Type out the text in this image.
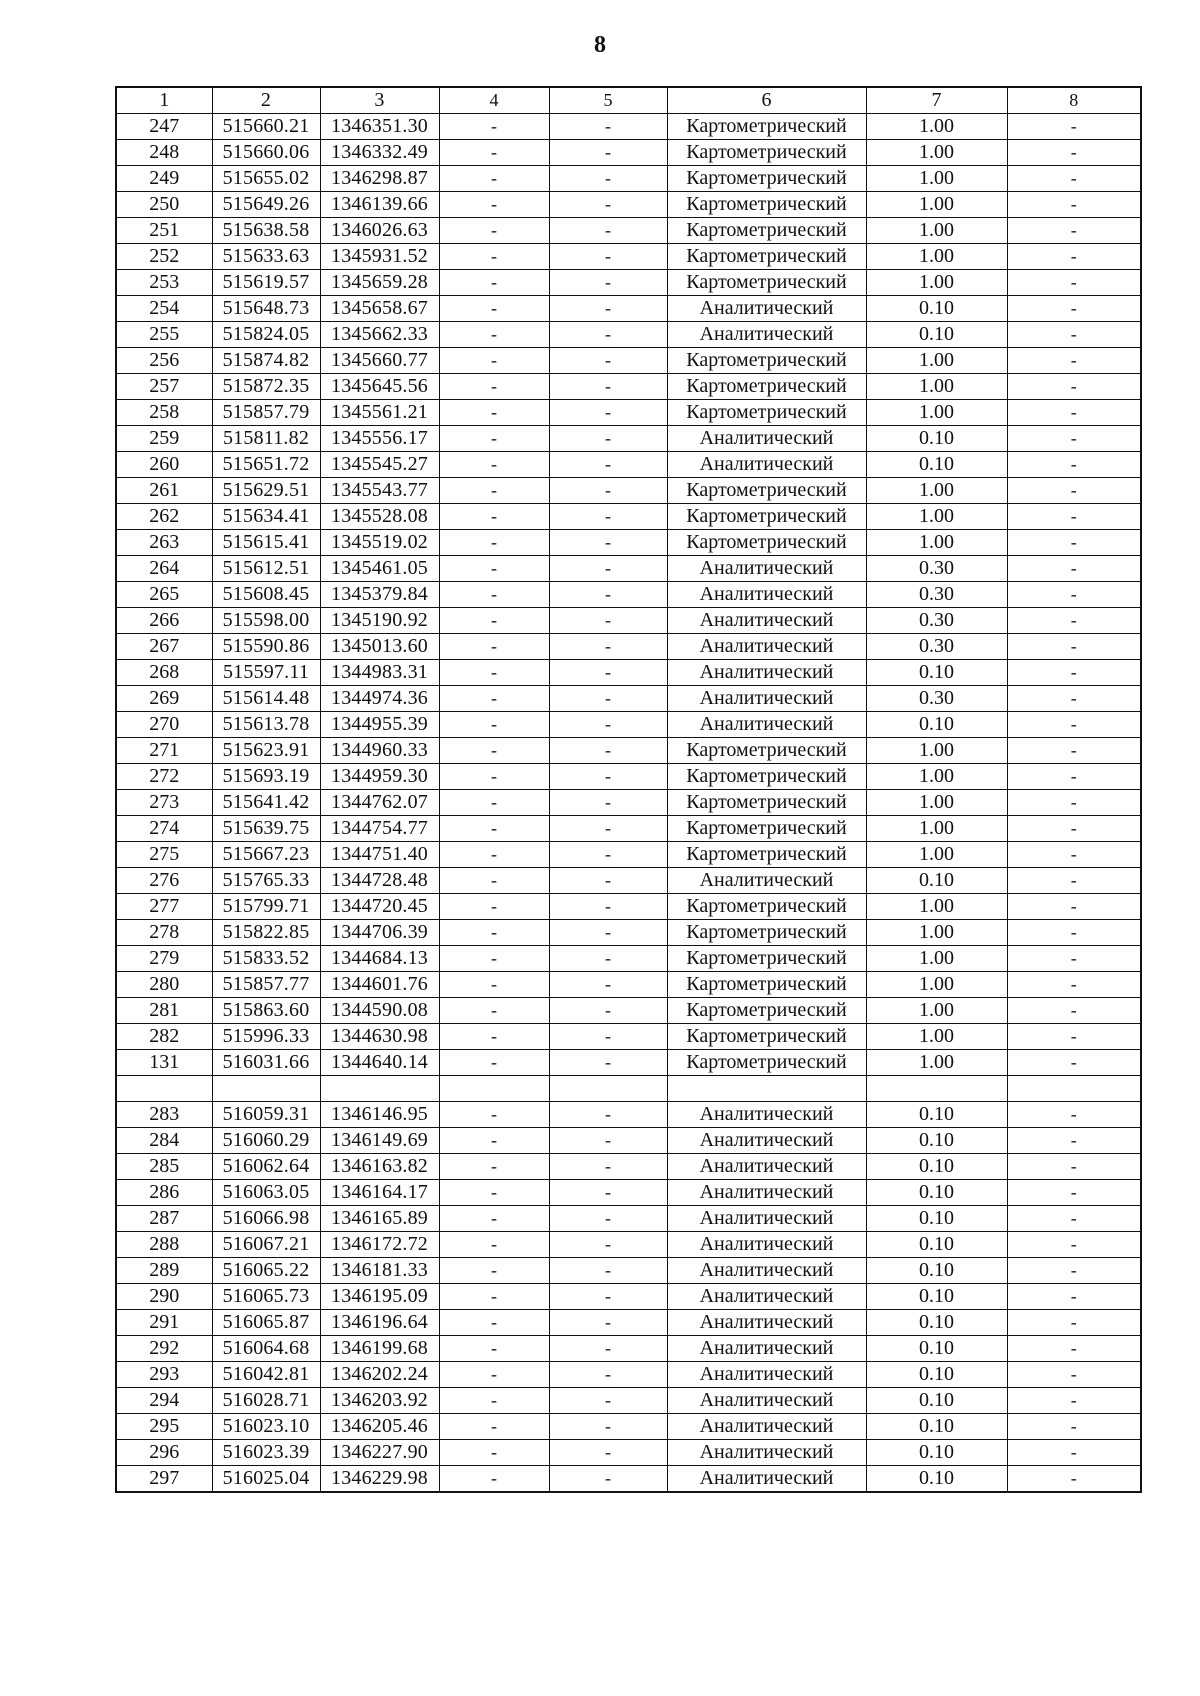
8
1	2	3	4	5	6	7	8
247	515660.21	1346351.30	-	-	Картометрический	1.00	-
248	515660.06	1346332.49	-	-	Картометрический	1.00	-
249	515655.02	1346298.87	-	-	Картометрический	1.00	-
250	515649.26	1346139.66	-	-	Картометрический	1.00	-
251	515638.58	1346026.63	-	-	Картометрический	1.00	-
252	515633.63	1345931.52	-	-	Картометрический	1.00	-
253	515619.57	1345659.28	-	-	Картометрический	1.00	-
254	515648.73	1345658.67	-	-	Аналитический	0.10	-
255	515824.05	1345662.33	-	-	Аналитический	0.10	-
256	515874.82	1345660.77	-	-	Картометрический	1.00	-
257	515872.35	1345645.56	-	-	Картометрический	1.00	-
258	515857.79	1345561.21	-	-	Картометрический	1.00	-
259	515811.82	1345556.17	-	-	Аналитический	0.10	-
260	515651.72	1345545.27	-	-	Аналитический	0.10	-
261	515629.51	1345543.77	-	-	Картометрический	1.00	-
262	515634.41	1345528.08	-	-	Картометрический	1.00	-
263	515615.41	1345519.02	-	-	Картометрический	1.00	-
264	515612.51	1345461.05	-	-	Аналитический	0.30	-
265	515608.45	1345379.84	-	-	Аналитический	0.30	-
266	515598.00	1345190.92	-	-	Аналитический	0.30	-
267	515590.86	1345013.60	-	-	Аналитический	0.30	-
268	515597.11	1344983.31	-	-	Аналитический	0.10	-
269	515614.48	1344974.36	-	-	Аналитический	0.30	-
270	515613.78	1344955.39	-	-	Аналитический	0.10	-
271	515623.91	1344960.33	-	-	Картометрический	1.00	-
272	515693.19	1344959.30	-	-	Картометрический	1.00	-
273	515641.42	1344762.07	-	-	Картометрический	1.00	-
274	515639.75	1344754.77	-	-	Картометрический	1.00	-
275	515667.23	1344751.40	-	-	Картометрический	1.00	-
276	515765.33	1344728.48	-	-	Аналитический	0.10	-
277	515799.71	1344720.45	-	-	Картометрический	1.00	-
278	515822.85	1344706.39	-	-	Картометрический	1.00	-
279	515833.52	1344684.13	-	-	Картометрический	1.00	-
280	515857.77	1344601.76	-	-	Картометрический	1.00	-
281	515863.60	1344590.08	-	-	Картометрический	1.00	-
282	515996.33	1344630.98	-	-	Картометрический	1.00	-
131	516031.66	1344640.14	-	-	Картометрический	1.00	-

283	516059.31	1346146.95	-	-	Аналитический	0.10	-
284	516060.29	1346149.69	-	-	Аналитический	0.10	-
285	516062.64	1346163.82	-	-	Аналитический	0.10	-
286	516063.05	1346164.17	-	-	Аналитический	0.10	-
287	516066.98	1346165.89	-	-	Аналитический	0.10	-
288	516067.21	1346172.72	-	-	Аналитический	0.10	-
289	516065.22	1346181.33	-	-	Аналитический	0.10	-
290	516065.73	1346195.09	-	-	Аналитический	0.10	-
291	516065.87	1346196.64	-	-	Аналитический	0.10	-
292	516064.68	1346199.68	-	-	Аналитический	0.10	-
293	516042.81	1346202.24	-	-	Аналитический	0.10	-
294	516028.71	1346203.92	-	-	Аналитический	0.10	-
295	516023.10	1346205.46	-	-	Аналитический	0.10	-
296	516023.39	1346227.90	-	-	Аналитический	0.10	-
297	516025.04	1346229.98	-	-	Аналитический	0.10	-
